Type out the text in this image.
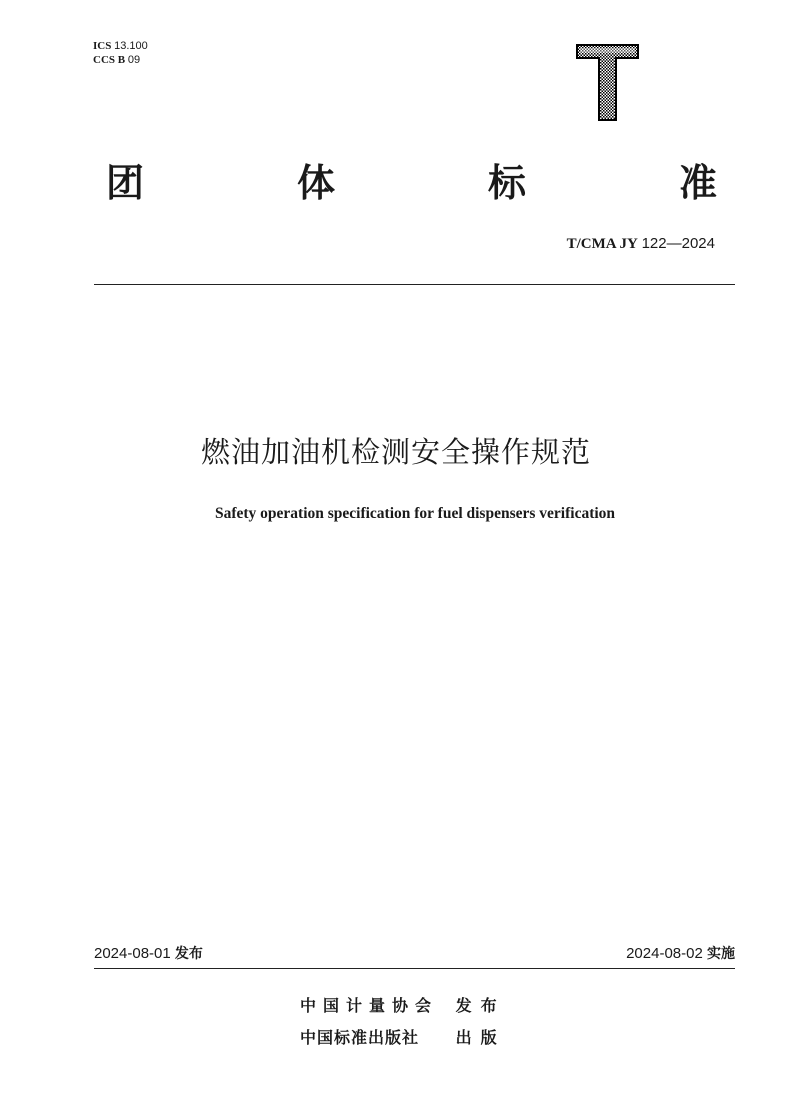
ICS 13.100
CCS B 09
团	体	标	准
T/CMA JY 122—2024
燃油加油机检测安全操作规范
Safety operation specification for fuel dispensers verification
2024-08-01 发布	2024-08-02 实施
中国计量协会 发布
中国标准出版社 出版
